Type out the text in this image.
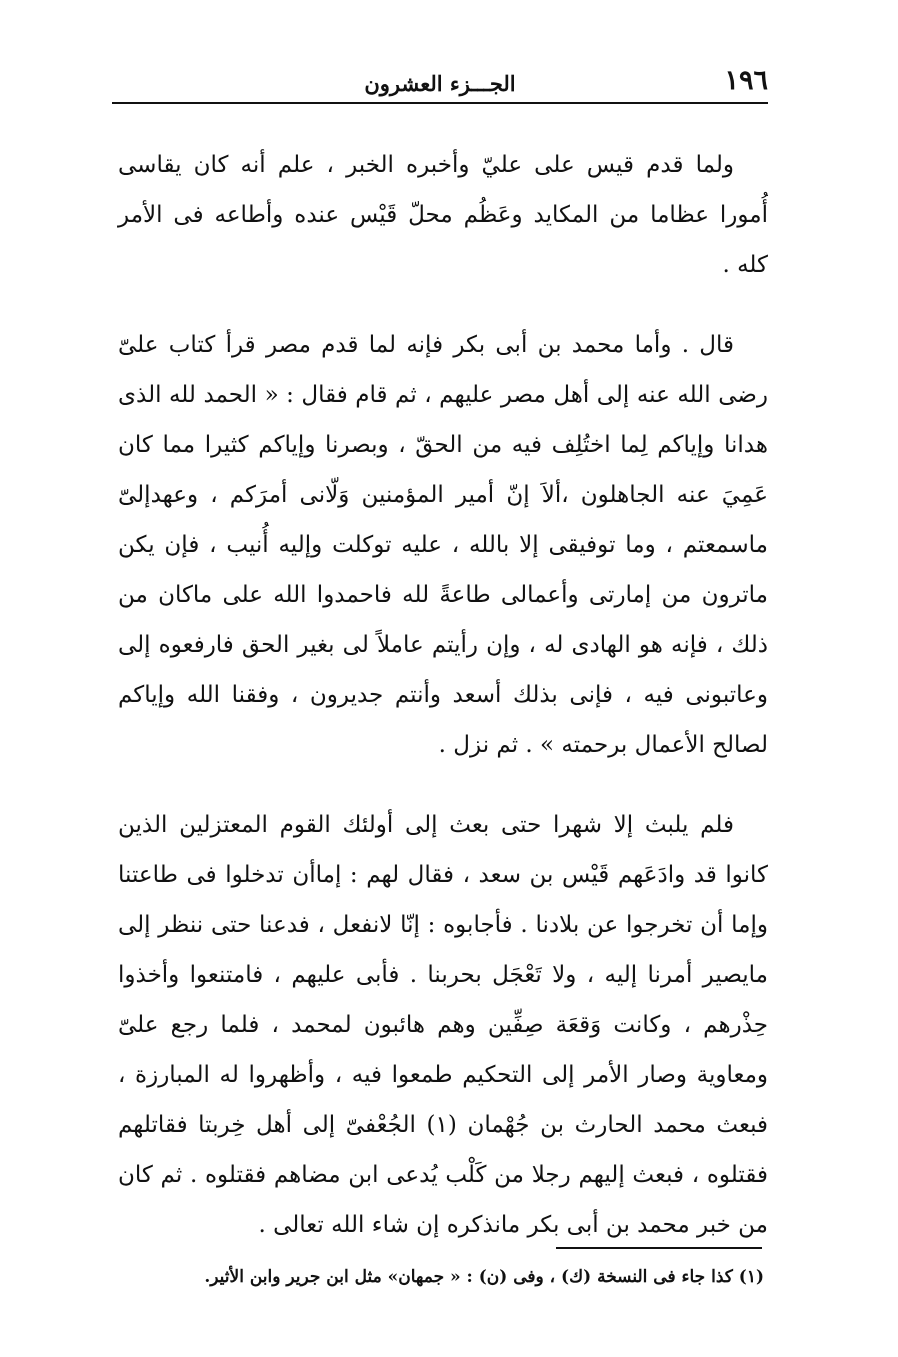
١٩٦
الجـــزء العشرون

ولما قدم قيس على عليّ وأخبره الخبر ، علم أنه كان يقاسى أُمورا عظاما من المكايد وعَظُم محلّ قَيْس عنده وأطاعه فى الأمر كله .

قال . وأما محمد بن أبى بكر فإنه لما قدم مصر قرأ كتاب علىّ رضى الله عنه إلى أهل مصر عليهم ، ثم قام فقال : « الحمد لله الذى هدانا وإياكم لِما اختُلِف فيه من الحقّ ، وبصرنا وإياكم كثيرا مما كان عَمِيَ عنه الجاهلون ،ألاَ إنّ أمير المؤمنين وَلّانى أمرَكم ، وعهدإلىّ ماسمعتم ، وما توفيقى إلا بالله ، عليه توكلت وإليه أُنيب ، فإن يكن ماترون من إمارتى وأعمالى طاعةً لله فاحمدوا الله على ماكان من ذلك ، فإنه هو الهادى له ، وإن رأيتم عاملاً لى بغير الحق فارفعوه إلى وعاتبونى فيه ، فإنى بذلك أسعد وأنتم جديرون ، وفقنا الله وإياكم لصالح الأعمال برحمته » . ثم نزل .

فلم يلبث إلا شهرا حتى بعث إلى أولئك القوم المعتزلين الذين كانوا قد وادَعَهم قَيْس بن سعد ، فقال لهم : إماأن تدخلوا فى طاعتنا وإما أن تخرجوا عن بلادنا . فأجابوه : إنّا لانفعل ، فدعنا حتى ننظر إلى مايصير أمرنا إليه ، ولا تَعْجَل بحربنا . فأبى عليهم ، فامتنعوا وأخذوا حِذْرهم ، وكانت وَقعَة صِفِّين وهم هائبون لمحمد ، فلما رجع علىّ ومعاوية وصار الأمر إلى التحكيم طمعوا فيه ، وأظهروا له المبارزة ، فبعث محمد الحارث بن جُهْمان (١) الجُعْفىّ إلى أهل خِربتا فقاتلهم فقتلوه ، فبعث إليهم رجلا من كَلْب يُدعى ابن مضاهم فقتلوه . ثم كان من خبر محمد بن أبى بكر مانذكره إن شاء الله تعالى .

(١) كذا جاء فى النسخة (ك) ، وفى (ن) : « جمهان» مثل ابن جرير وابن الأثير.
